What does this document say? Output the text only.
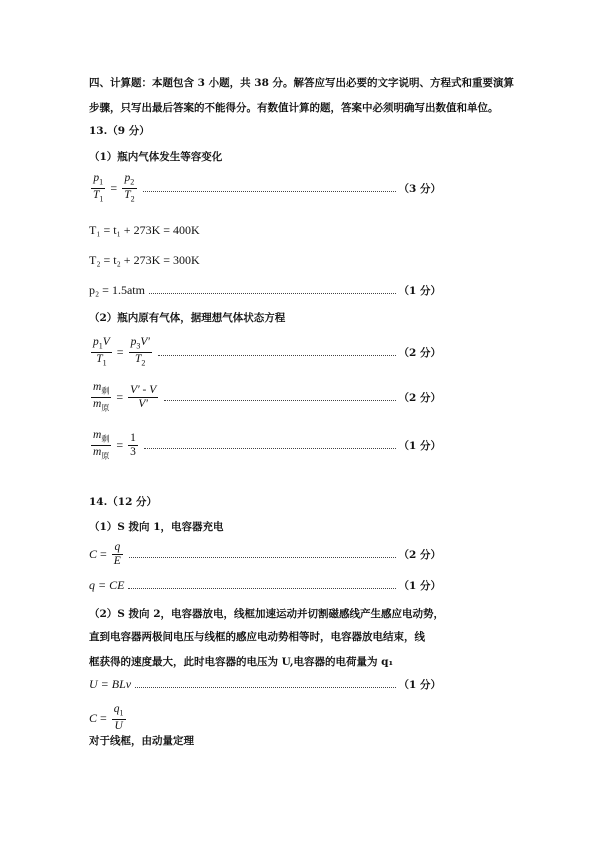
四、计算题：本题包含 3 小题，共 38 分。解答应写出必要的文字说明、方程式和重要演算
步骤，只写出最后答案的不能得分。有数值计算的题，答案中必须明确写出数值和单位。
13.（9 分）
（1）瓶内气体发生等容变化
$\frac{p_1}{T_1} = \frac{p_2}{T_2}$	（3 分）
T₁ = t₁ + 273K = 400K
T₂ = t₂ + 273K = 300K
p₂ = 1.5atm	（1 分）
（2）瓶内原有气体，据理想气体状态方程
$\frac{p_1V}{T_1} = \frac{p_3V'}{T_2}$	（2 分）
$\frac{m_剩}{m_原} = \frac{V' - V}{V'}$	（2 分）
$\frac{m_剩}{m_原} = \frac{1}{3}$	（1 分）
14.（12 分）
（1）S 拨向 1，电容器充电
$C = \frac{q}{E}$	（2 分）
q = CE	（1 分）
（2）S 拨向 2，电容器放电，线框加速运动并切割磁感线产生感应电动势，
直到电容器两极间电压与线框的感应电动势相等时，电容器放电结束，线
框获得的速度最大，此时电容器的电压为 U,电容器的电荷量为 q₁
U = BLv	（1 分）
$C = \frac{q_1}{U}$
对于线框，由动量定理
